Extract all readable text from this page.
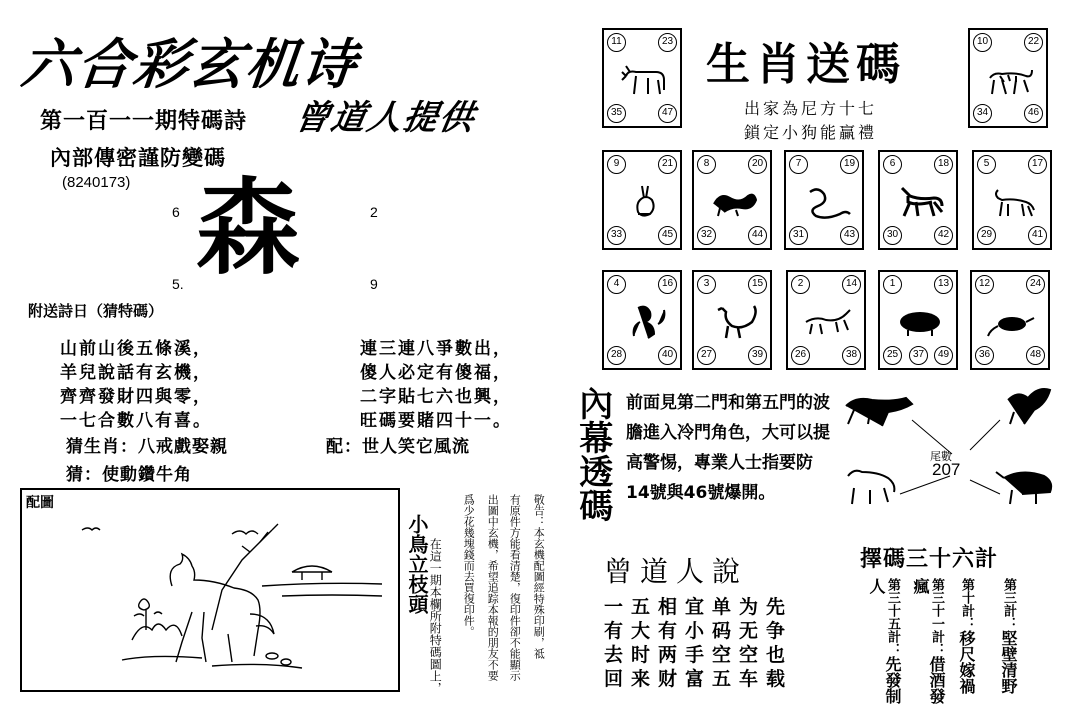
六合彩玄机诗
第一百一一期特碼詩 曾道人提供
內部傳密謹防變碼
(8240173) 森
6	2
5.	9
附送詩日（猜特碼）
山前山後五條溪，
羊兒說話有玄機，
齊齊發財四與零，
一七合數八有喜。
連三連八爭數出，
傻人必定有傻福，
二字貼七六也興，
旺碼要賭四十一。
猜生肖：八戒戲娶親	配：世人笑它風流
猜：使動鑽牛角
配圖
小鳥立枝頭 在這一期本欄所附特碼圖上，	敬告：本玄機配圖經特殊印刷，祗
有原件方能看清楚，復印件卻不能顯示
出圖中玄機，希望追踪本報的朋友不要
爲少花幾塊錢而去買復印件。
生肖送碼
出家為尼方十七
鎖定小狗能贏禮
11	23
35	47
10	22
34	46
9	21
33	45
8	20
32	44
7	19
31	43
6	18
30	42
5	17
29	41
4	16
28	40
3	15
27	39
2	14
26	38
1	13
25	37	49
12	24
36	48
內幕透碼 前面見第二門和第五門的波膽進入冷門角色，大可以提高警惕，專業人士指要防14號與46號爆開。
尾數
207
曾道人說
一五相宜单为先
有大有小码无争
去时两手空空也
回来财富五车载
擇碼三十六計
第三計：堅壁清野
第十計：移尺嫁禍
第三十一計：借酒發瘋
第三十五計：先發制人
